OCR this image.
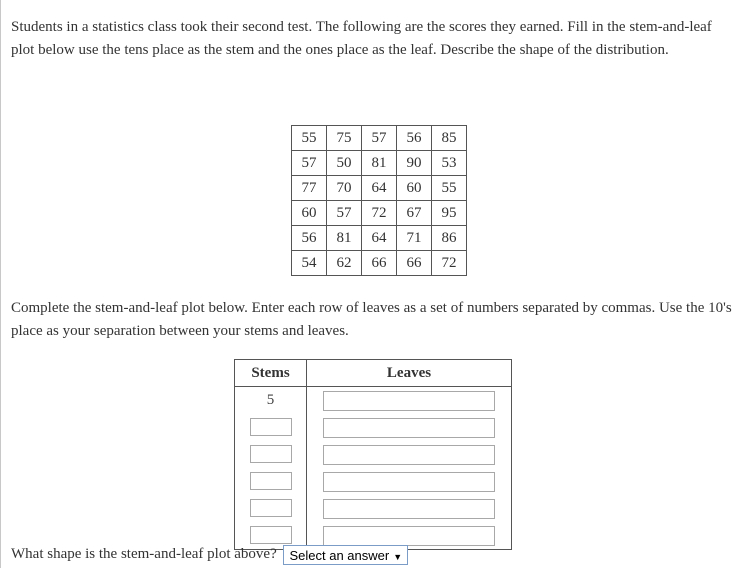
Students in a statistics class took their second test. The following are the scores they earned. Fill in the stem-and-leaf plot below use the tens place as the stem and the ones place as the leaf. Describe the shape of the distribution.

55	75	57	56	85
57	50	81	90	53
77	70	64	60	55
60	57	72	67	95
56	81	64	71	86
54	62	66	66	72

Complete the stem-and-leaf plot below. Enter each row of leaves as a set of numbers separated by commas. Use the 10's place as your separation between your stems and leaves.

Stems	Leaves
5	

What shape is the stem-and-leaf plot above? Select an answer ▼
